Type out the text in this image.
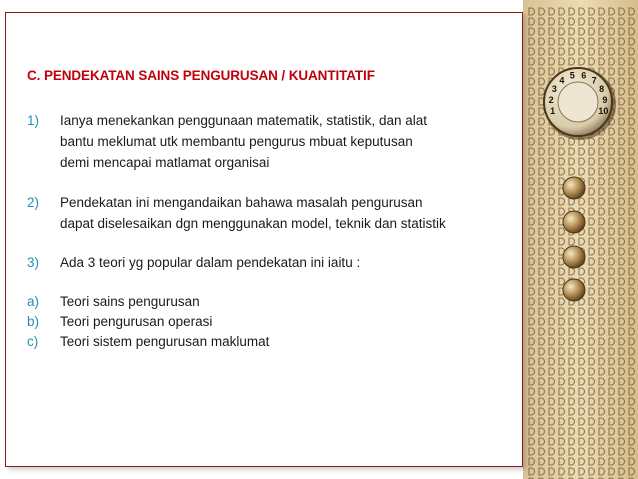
1
2
3
4 5 6 7
8
9
10
C. PENDEKATAN SAINS PENGURUSAN / KUANTITATIF
1) Ianya menekankan penggunaan matematik, statistik, dan alat
bantu meklumat utk membantu pengurus mbuat keputusan
demi mencapai matlamat organisai
2) Pendekatan ini mengandaikan bahawa masalah pengurusan
dapat diselesaikan dgn menggunakan model, teknik dan statistik
3) Ada 3 teori yg popular dalam pendekatan ini iaitu :
a) Teori sains pengurusan
b) Teori pengurusan operasi
c) Teori sistem pengurusan maklumat
